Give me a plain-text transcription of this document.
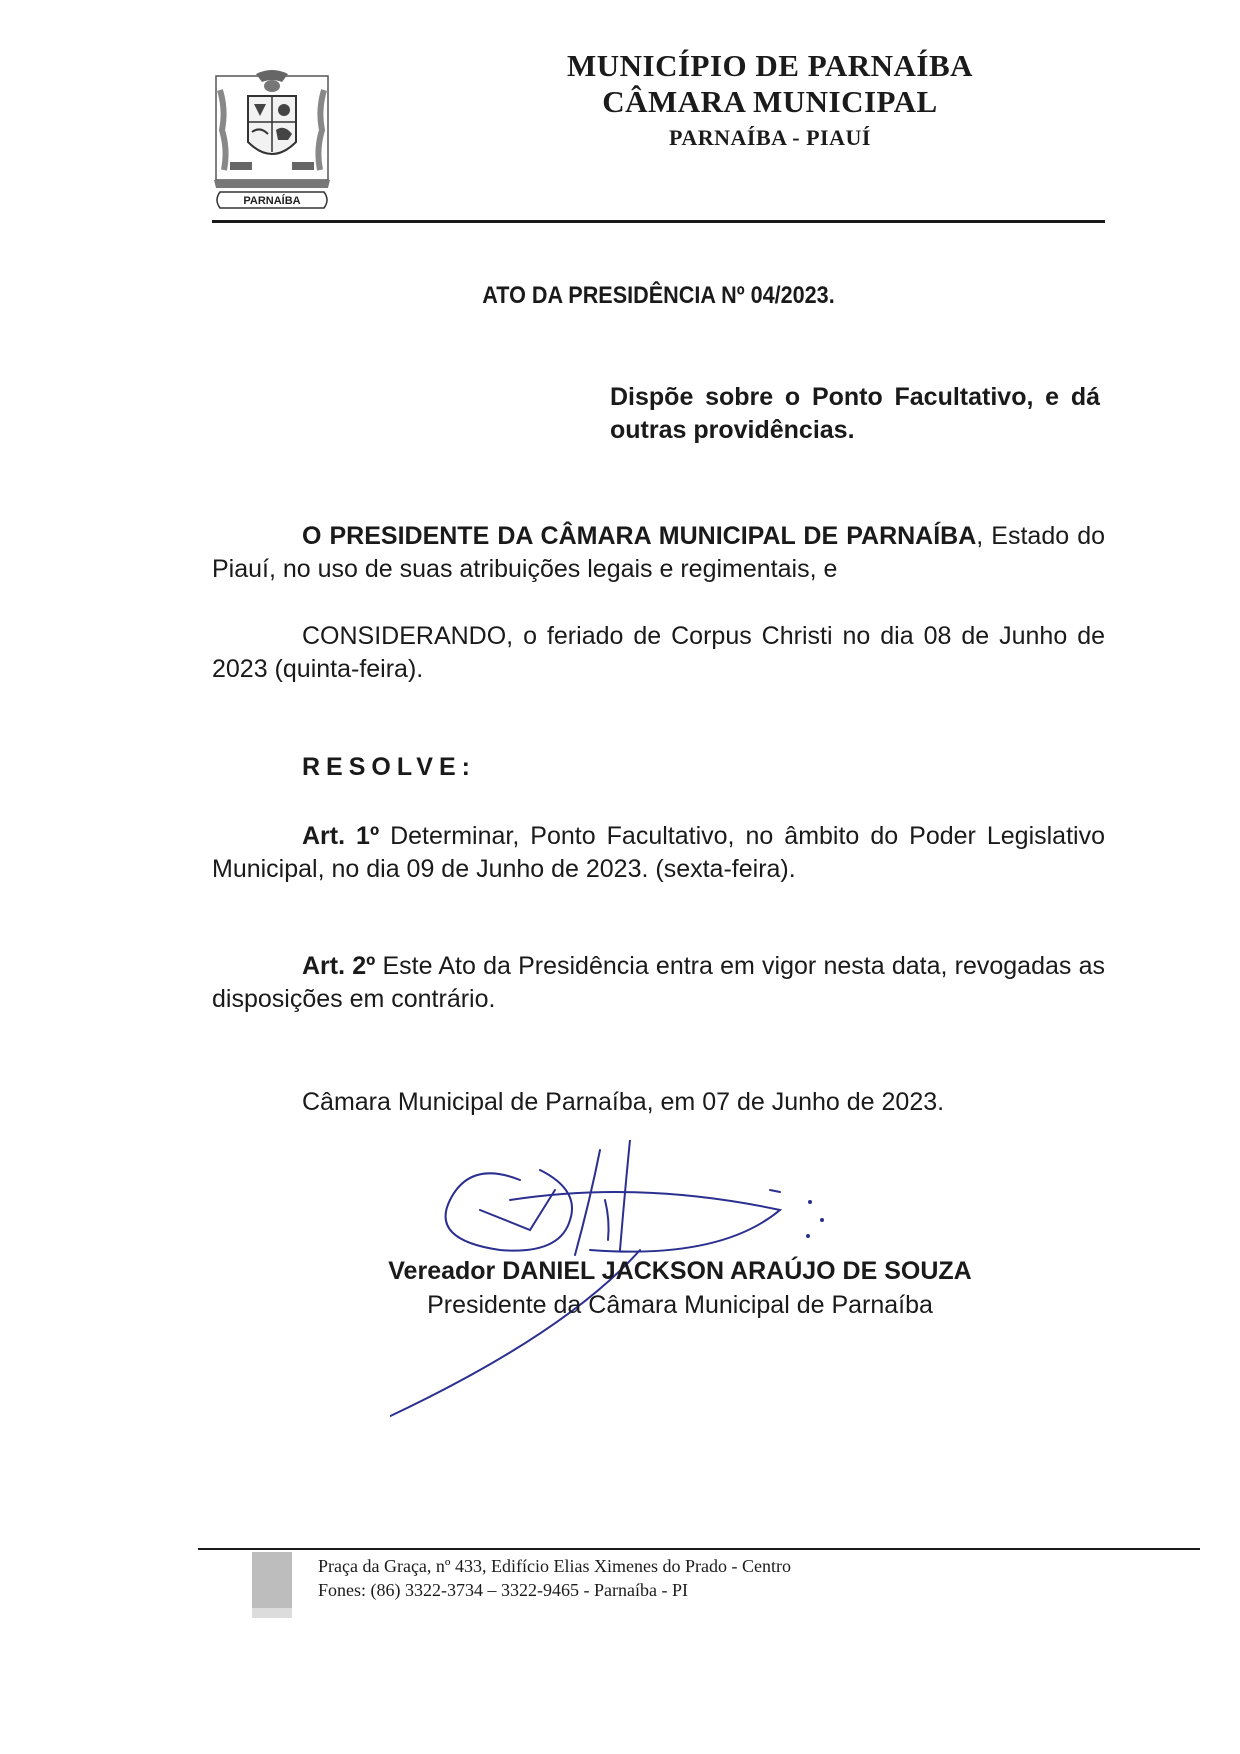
PARNAÍBA
MUNICÍPIO DE PARNAÍBA
CÂMARA MUNICIPAL
PARNAÍBA - PIAUÍ
ATO DA PRESIDÊNCIA Nº 04/2023.
Dispõe sobre o Ponto Facultativo, e dá outras providências.
O PRESIDENTE DA CÂMARA MUNICIPAL DE PARNAÍBA, Estado do Piauí, no uso de suas atribuições legais e regimentais, e
CONSIDERANDO, o feriado de Corpus Christi no dia 08 de Junho de 2023 (quinta-feira).
RESOLVE:
Art. 1º Determinar, Ponto Facultativo, no âmbito do Poder Legislativo Municipal, no dia 09 de Junho de 2023. (sexta-feira).
Art. 2º Este Ato da Presidência entra em vigor nesta data, revogadas as disposições em contrário.
Câmara Municipal de Parnaíba, em 07 de Junho de 2023.
Vereador DANIEL JACKSON ARAÚJO DE SOUZA
Presidente da Câmara Municipal de Parnaíba
Praça da Graça, nº 433, Edifício Elias Ximenes do Prado - Centro
Fones: (86) 3322-3734 – 3322-9465 - Parnaíba - PI
